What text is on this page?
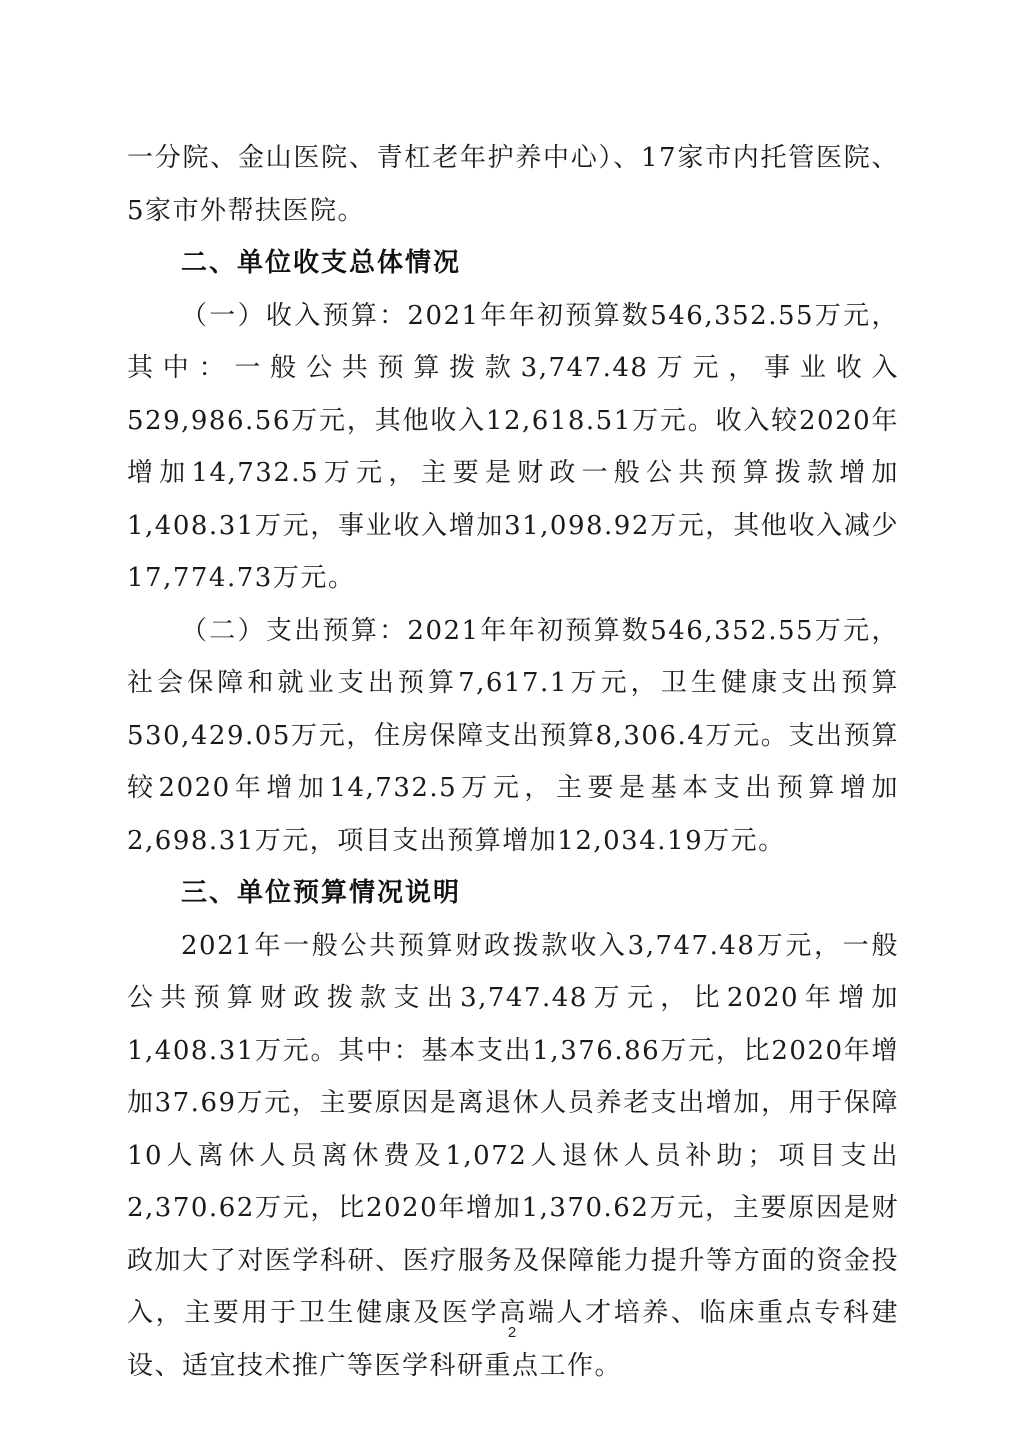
一分院、金山医院、青杠老年护养中心）、17家市内托管医院、5家市外帮扶医院。

二、单位收支总体情况

（一）收入预算：2021年年初预算数546,352.55万元，其中：一般公共预算拨款3,747.48万元，事业收入529,986.56万元，其他收入12,618.51万元。收入较2020年增加14,732.5万元，主要是财政一般公共预算拨款增加1,408.31万元，事业收入增加31,098.92万元，其他收入减少17,774.73万元。

（二）支出预算：2021年年初预算数546,352.55万元，社会保障和就业支出预算7,617.1万元，卫生健康支出预算530,429.05万元，住房保障支出预算8,306.4万元。支出预算较2020年增加14,732.5万元，主要是基本支出预算增加2,698.31万元，项目支出预算增加12,034.19万元。

三、单位预算情况说明

2021年一般公共预算财政拨款收入3,747.48万元，一般公共预算财政拨款支出3,747.48万元，比2020年增加1,408.31万元。其中：基本支出1,376.86万元，比2020年增加37.69万元，主要原因是离退休人员养老支出增加，用于保障10人离休人员离休费及1,072人退休人员补助；项目支出2,370.62万元，比2020年增加1,370.62万元，主要原因是财政加大了对医学科研、医疗服务及保障能力提升等方面的资金投入，主要用于卫生健康及医学高端人才培养、临床重点专科建设、适宜技术推广等医学科研重点工作。

2
